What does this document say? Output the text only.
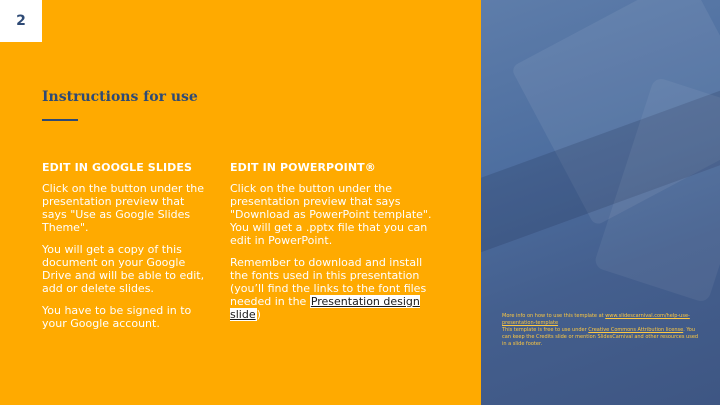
2
Instructions for use
EDIT IN GOOGLE SLIDES

Click on the button under the presentation preview that says "Use as Google Slides Theme".

You will get a copy of this document on your Google Drive and will be able to edit, add or delete slides.

You have to be signed in to your Google account.

EDIT IN POWERPOINT®

Click on the button under the presentation preview that says "Download as PowerPoint template". You will get a .pptx file that you can edit in PowerPoint.

Remember to download and install the fonts used in this presentation (you’ll find the links to the font files needed in the Presentation design slide)	More info on how to use this template at www.slidescarnival.com/help-use-presentation-template
This template is free to use under Creative Commons Attribution license. You can keep the Credits slide or mention SlidesCarnival and other resources used in a slide footer.
